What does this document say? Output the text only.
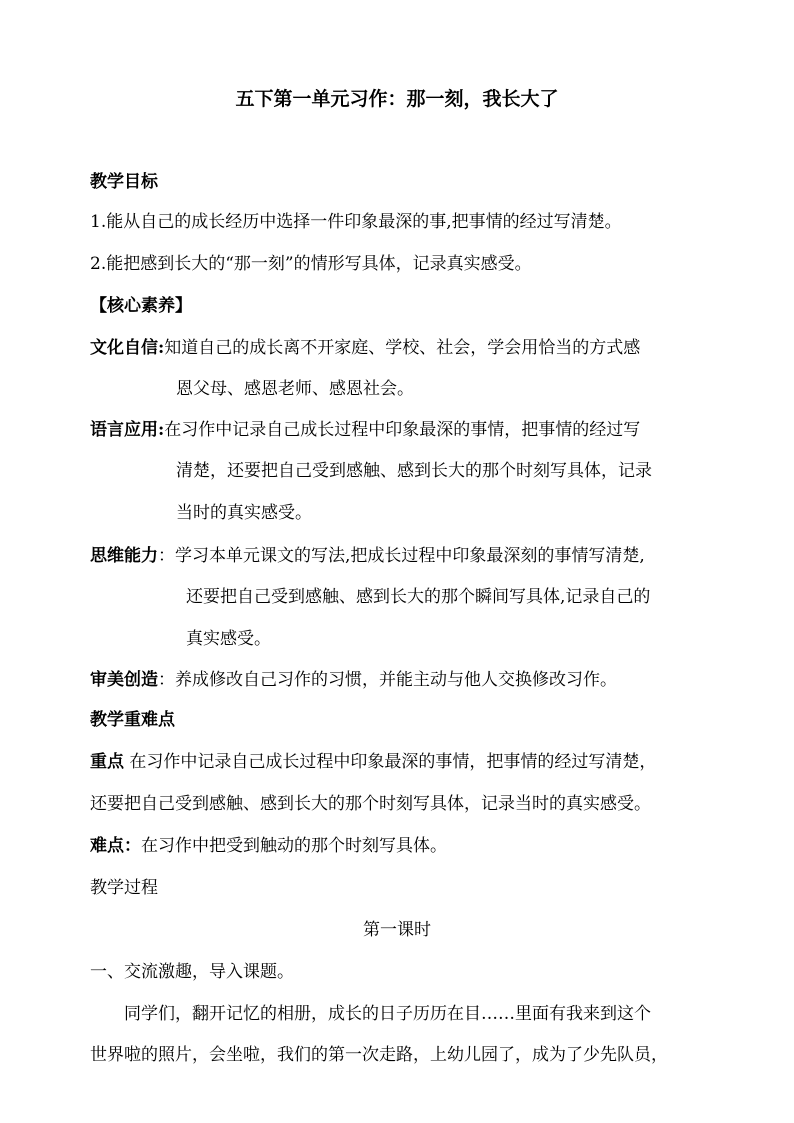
五下第一单元习作：那一刻，我长大了
教学目标
1.能从自己的成长经历中选择一件印象最深的事,把事情的经过写清楚。
2.能把感到长大的“那一刻”的情形写具体，记录真实感受。
【核心素养】
文化自信:知道自己的成长离不开家庭、学校、社会，学会用恰当的方式感
恩父母、感恩老师、感恩社会。
语言应用:在习作中记录自己成长过程中印象最深的事情，把事情的经过写
清楚，还要把自己受到感触、感到长大的那个时刻写具体，记录
当时的真实感受。
思维能力：学习本单元课文的写法,把成长过程中印象最深刻的事情写清楚,
还要把自己受到感触、感到长大的那个瞬间写具体,记录自己的
真实感受。
审美创造：养成修改自己习作的习惯，并能主动与他人交换修改习作。
教学重难点
重点 在习作中记录自己成长过程中印象最深的事情，把事情的经过写清楚，
还要把自己受到感触、感到长大的那个时刻写具体，记录当时的真实感受。
难点：在习作中把受到触动的那个时刻写具体。
教学过程
第一课时
一、交流激趣，导入课题。
同学们，翻开记忆的相册，成长的日子历历在目……里面有我来到这个
世界啦的照片，会坐啦，我们的第一次走路，上幼儿园了，成为了少先队员，
